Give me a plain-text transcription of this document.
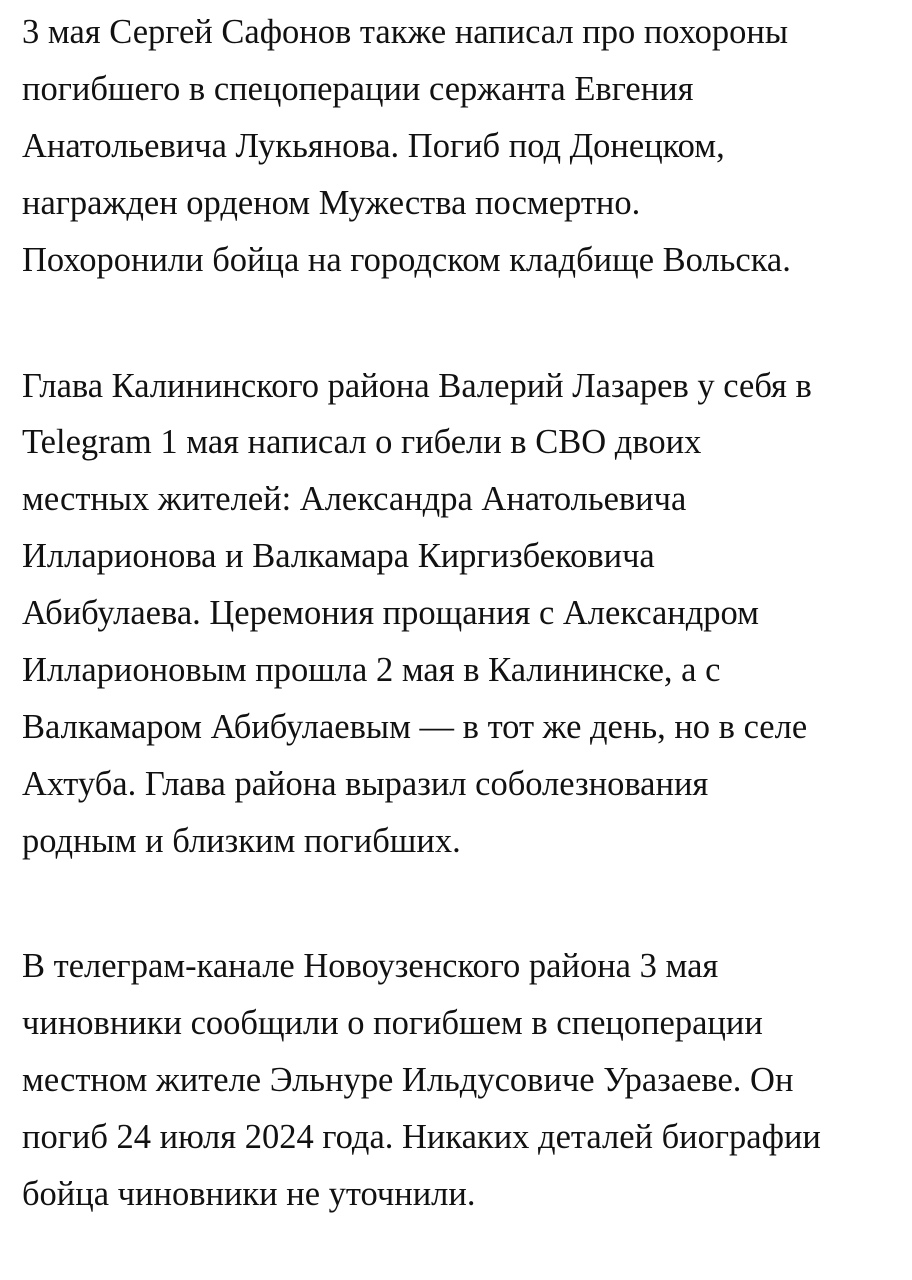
3 мая Сергей Сафонов также написал про похороны
погибшего в спецоперации сержанта Евгения
Анатольевича Лукьянова. Погиб под Донецком,
награжден орденом Мужества посмертно.
Похоронили бойца на городском кладбище Вольска.
Глава Калининского района Валерий Лазарев у себя в
Telegram 1 мая написал о гибели в СВО двоих
местных жителей: Александра Анатольевича
Илларионова и Валкамара Киргизбековича
Абибулаева. Церемония прощания с Александром
Илларионовым прошла 2 мая в Калининске, а с
Валкамаром Абибулаевым — в тот же день, но в селе
Ахтуба. Глава района выразил соболезнования
родным и близким погибших.
В телеграм-канале Новоузенского района 3 мая
чиновники сообщили о погибшем в спецоперации
местном жителе Эльнуре Ильдусовиче Уразаеве. Он
погиб 24 июля 2024 года. Никаких деталей биографии
бойца чиновники не уточнили.
